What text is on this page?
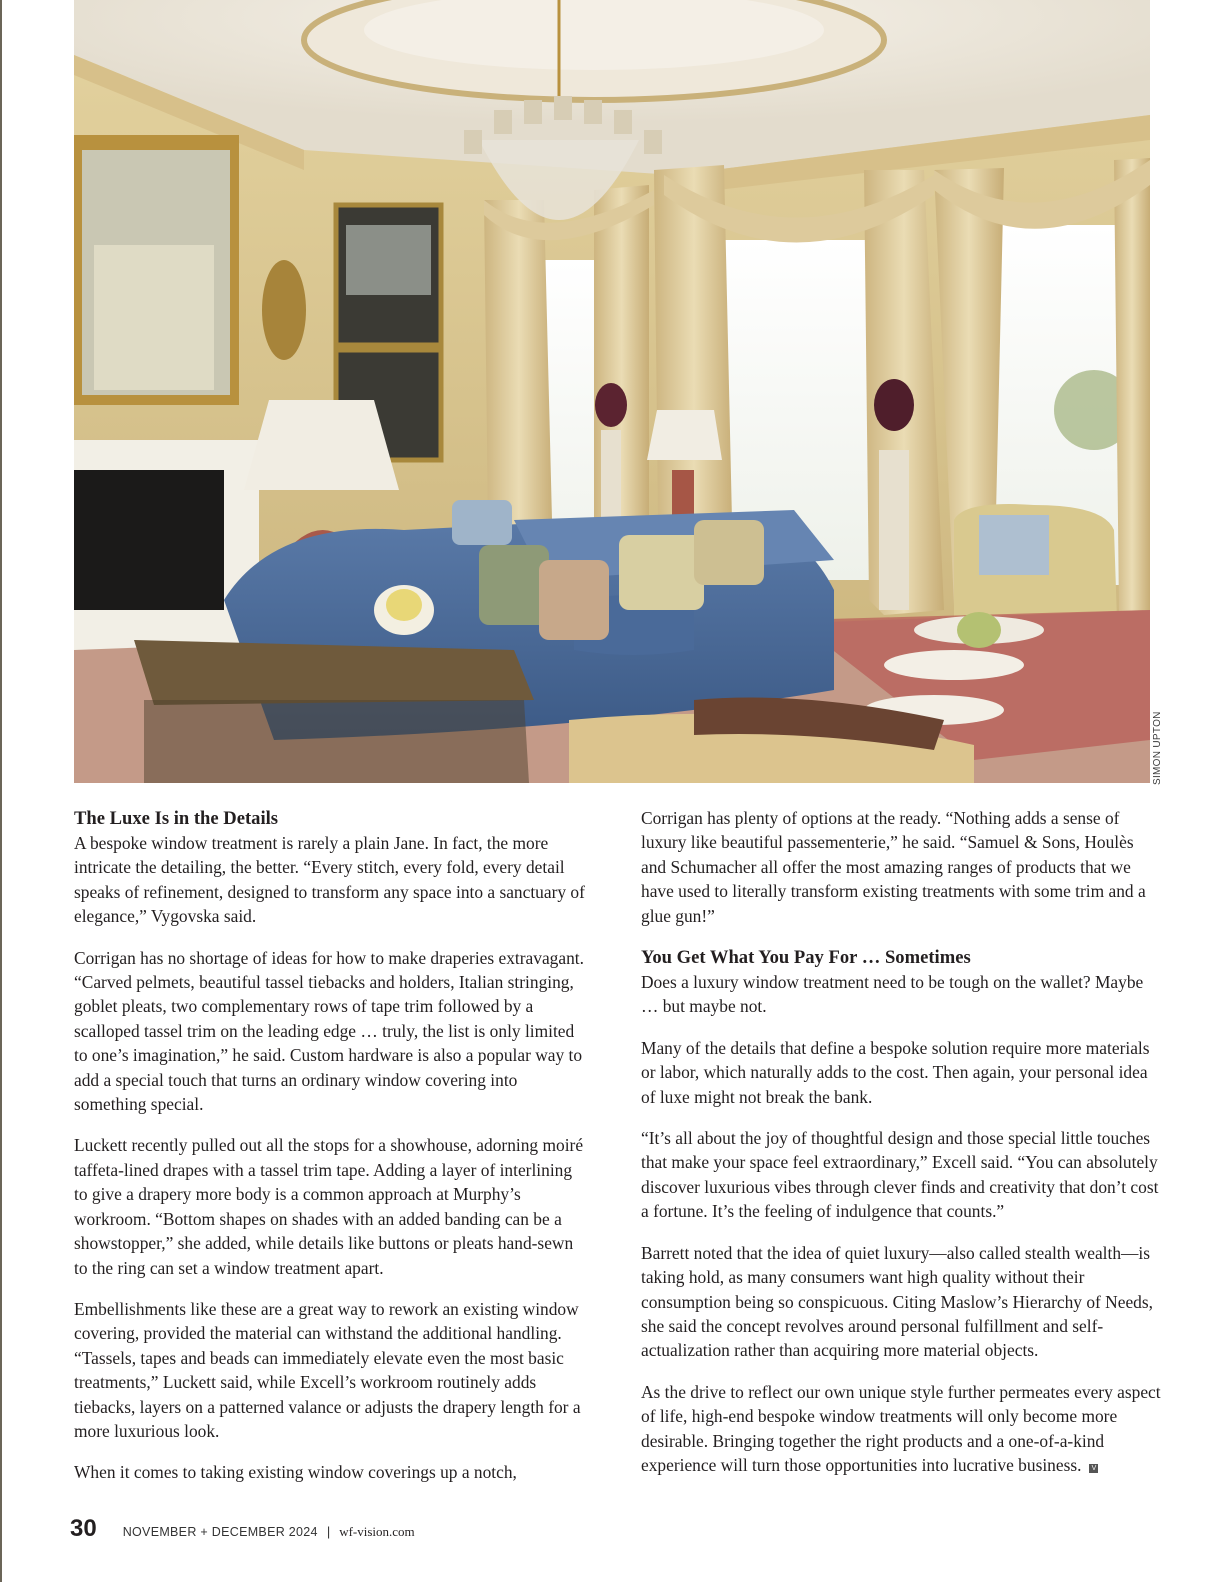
SIMON UPTON
The Luxe Is in the Details

A bespoke window treatment is rarely a plain Jane. In fact, the more intricate the detailing, the better. “Every stitch, every fold, every detail speaks of refinement, designed to transform any space into a sanctuary of elegance,” Vygovska said.

Corrigan has no shortage of ideas for how to make draperies extravagant. “Carved pelmets, beautiful tassel tiebacks and holders, Italian stringing, goblet pleats, two complementary rows of tape trim followed by a scalloped tassel trim on the leading edge … truly, the list is only limited to one’s imagination,” he said. Custom hardware is also a popular way to add a special touch that turns an ordinary window covering into something special.

Luckett recently pulled out all the stops for a showhouse, adorning moiré taffeta-lined drapes with a tassel trim tape. Adding a layer of interlining to give a drapery more body is a common approach at Murphy’s workroom. “Bottom shapes on shades with an added banding can be a showstopper,” she added, while details like buttons or pleats hand-sewn to the ring can set a window treatment apart.

Embellishments like these are a great way to rework an existing window covering, provided the material can withstand the additional handling. “Tassels, tapes and beads can immediately elevate even the most basic treatments,” Luckett said, while Excell’s workroom routinely adds tiebacks, layers on a patterned valance or adjusts the drapery length for a more luxurious look.

When it comes to taking existing window coverings up a notch,

Corrigan has plenty of options at the ready. “Nothing adds a sense of luxury like beautiful passementerie,” he said. “Samuel & Sons, Houlès and Schumacher all offer the most amazing ranges of products that we have used to literally transform existing treatments with some trim and a glue gun!”

You Get What You Pay For … Sometimes

Does a luxury window treatment need to be tough on the wallet? Maybe … but maybe not.

Many of the details that define a bespoke solution require more materials or labor, which naturally adds to the cost. Then again, your personal idea of luxe might not break the bank.

“It’s all about the joy of thoughtful design and those special little touches that make your space feel extraordinary,” Excell said. “You can absolutely discover luxurious vibes through clever finds and creativity that don’t cost a fortune. It’s the feeling of indulgence that counts.”

Barrett noted that the idea of quiet luxury—also called stealth wealth—is taking hold, as many consumers want high quality without their consumption being so conspicuous. Citing Maslow’s Hierarchy of Needs, she said the concept revolves around personal fulfillment and self-actualization rather than acquiring more material objects.

As the drive to reflect our own unique style further permeates every aspect of life, high-end bespoke window treatments will only become more desirable. Bringing together the right products and a one-of-a-kind experience will turn those opportunities into lucrative business. V

30 NOVEMBER + DECEMBER 2024 | wf-vision.com
